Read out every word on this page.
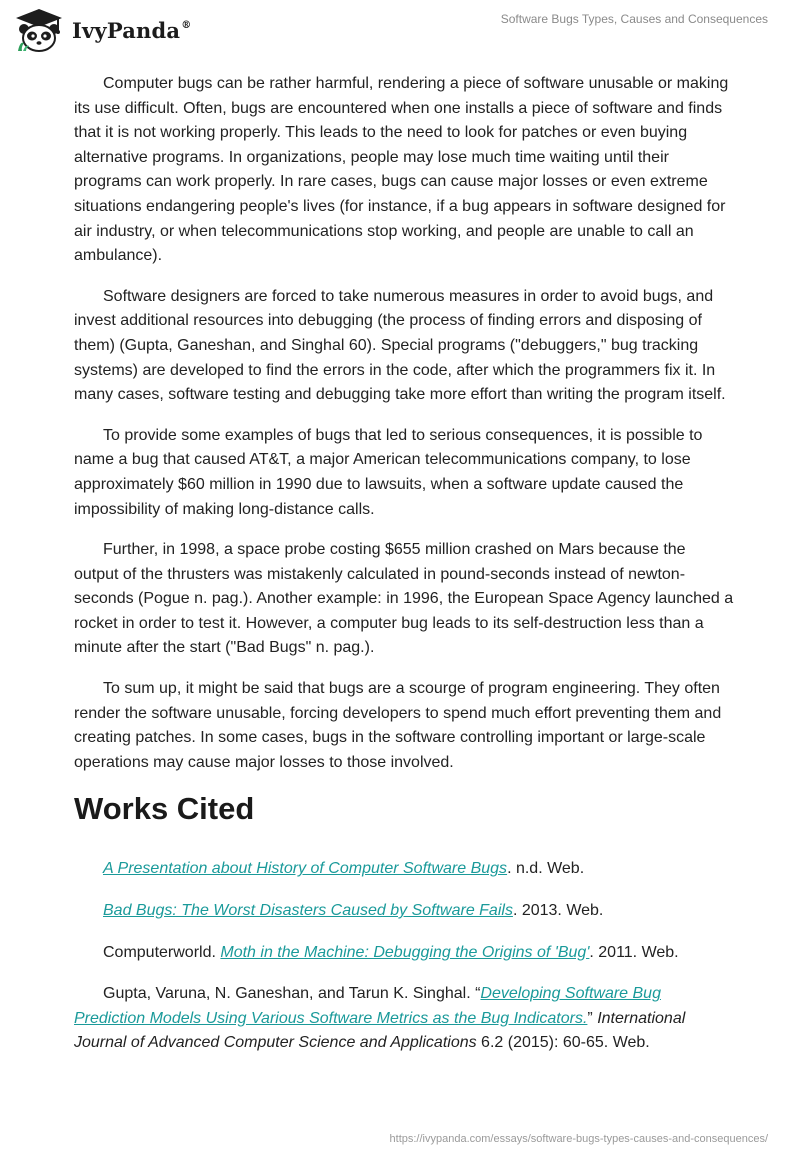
IvyPanda®	Software Bugs Types, Causes and Consequences

Computer bugs can be rather harmful, rendering a piece of software unusable or making its use difficult. Often, bugs are encountered when one installs a piece of software and finds that it is not working properly. This leads to the need to look for patches or even buying alternative programs. In organizations, people may lose much time waiting until their programs can work properly. In rare cases, bugs can cause major losses or even extreme situations endangering people's lives (for instance, if a bug appears in software designed for air industry, or when telecommunications stop working, and people are unable to call an ambulance).

Software designers are forced to take numerous measures in order to avoid bugs, and invest additional resources into debugging (the process of finding errors and disposing of them) (Gupta, Ganeshan, and Singhal 60). Special programs ("debuggers," bug tracking systems) are developed to find the errors in the code, after which the programmers fix it. In many cases, software testing and debugging take more effort than writing the program itself.

To provide some examples of bugs that led to serious consequences, it is possible to name a bug that caused AT&T, a major American telecommunications company, to lose approximately $60 million in 1990 due to lawsuits, when a software update caused the impossibility of making long-distance calls.

Further, in 1998, a space probe costing $655 million crashed on Mars because the output of the thrusters was mistakenly calculated in pound-seconds instead of newton-seconds (Pogue n. pag.). Another example: in 1996, the European Space Agency launched a rocket in order to test it. However, a computer bug leads to its self-destruction less than a minute after the start ("Bad Bugs" n. pag.).

To sum up, it might be said that bugs are a scourge of program engineering. They often render the software unusable, forcing developers to spend much effort preventing them and creating patches. In some cases, bugs in the software controlling important or large-scale operations may cause major losses to those involved.

Works Cited

A Presentation about History of Computer Software Bugs. n.d. Web.

Bad Bugs: The Worst Disasters Caused by Software Fails. 2013. Web.

Computerworld. Moth in the Machine: Debugging the Origins of 'Bug'. 2011. Web.

Gupta, Varuna, N. Ganeshan, and Tarun K. Singhal. “Developing Software Bug Prediction Models Using Various Software Metrics as the Bug Indicators.” International Journal of Advanced Computer Science and Applications 6.2 (2015): 60-65. Web.

https://ivypanda.com/essays/software-bugs-types-causes-and-consequences/
